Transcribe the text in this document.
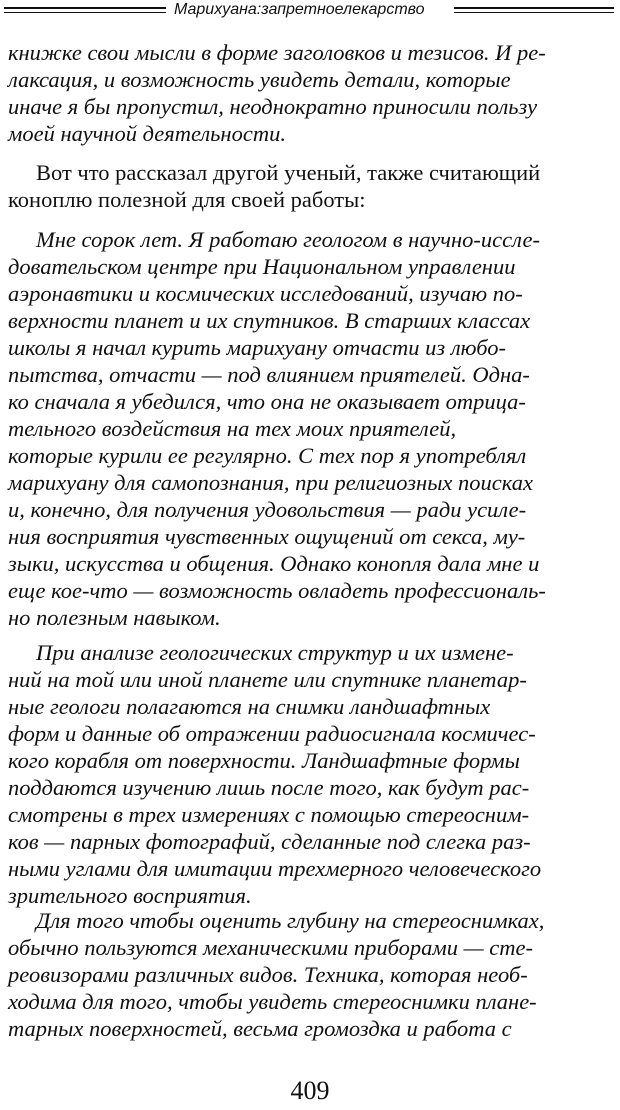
Марихуана:запретноелекарство
книжке свои мысли в форме заголовков и тезисов. И ре-
лаксация, и возможность увидеть детали, которые
иначе я бы пропустил, неоднократно приносили пользу
моей научной деятельности.
Вот что рассказал другой ученый, также считающий
коноплю полезной для своей работы:
Мне сорок лет. Я работаю геологом в научно-иссле-
довательском центре при Национальном управлении
аэронавтики и космических исследований, изучаю по-
верхности планет и их спутников. В старших классах
школы я начал курить марихуану отчасти из любо-
пытства, отчасти — под влиянием приятелей. Одна-
ко сначала я убедился, что она не оказывает отрица-
тельного воздействия на тех моих приятелей,
которые курили ее регулярно. С тех пор я употреблял
марихуану для самопознания, при религиозных поисках
и, конечно, для получения удовольствия — ради усиле-
ния восприятия чувственных ощущений от секса, му-
зыки, искусства и общения. Однако конопля дала мне и
еще кое-что — возможность овладеть профессиональ-
но полезным навыком.
При анализе геологических структур и их измене-
ний на той или иной планете или спутнике планетар-
ные геологи полагаются на снимки ландшафтных
форм и данные об отражении радиосигнала космичес-
кого корабля от поверхности. Ландшафтные формы
поддаются изучению лишь после того, как будут рас-
смотрены в трех измерениях с помощью стереосним-
ков — парных фотографий, сделанные под слегка раз-
ными углами для имитации трехмерного человеческого
зрительного восприятия.
Для того чтобы оценить глубину на стереоснимках,
обычно пользуются механическими приборами — сте-
реовизорами различных видов. Техника, которая необ-
ходима для того, чтобы увидеть стереоснимки плане-
тарных поверхностей, весьма громоздка и работа с
409
